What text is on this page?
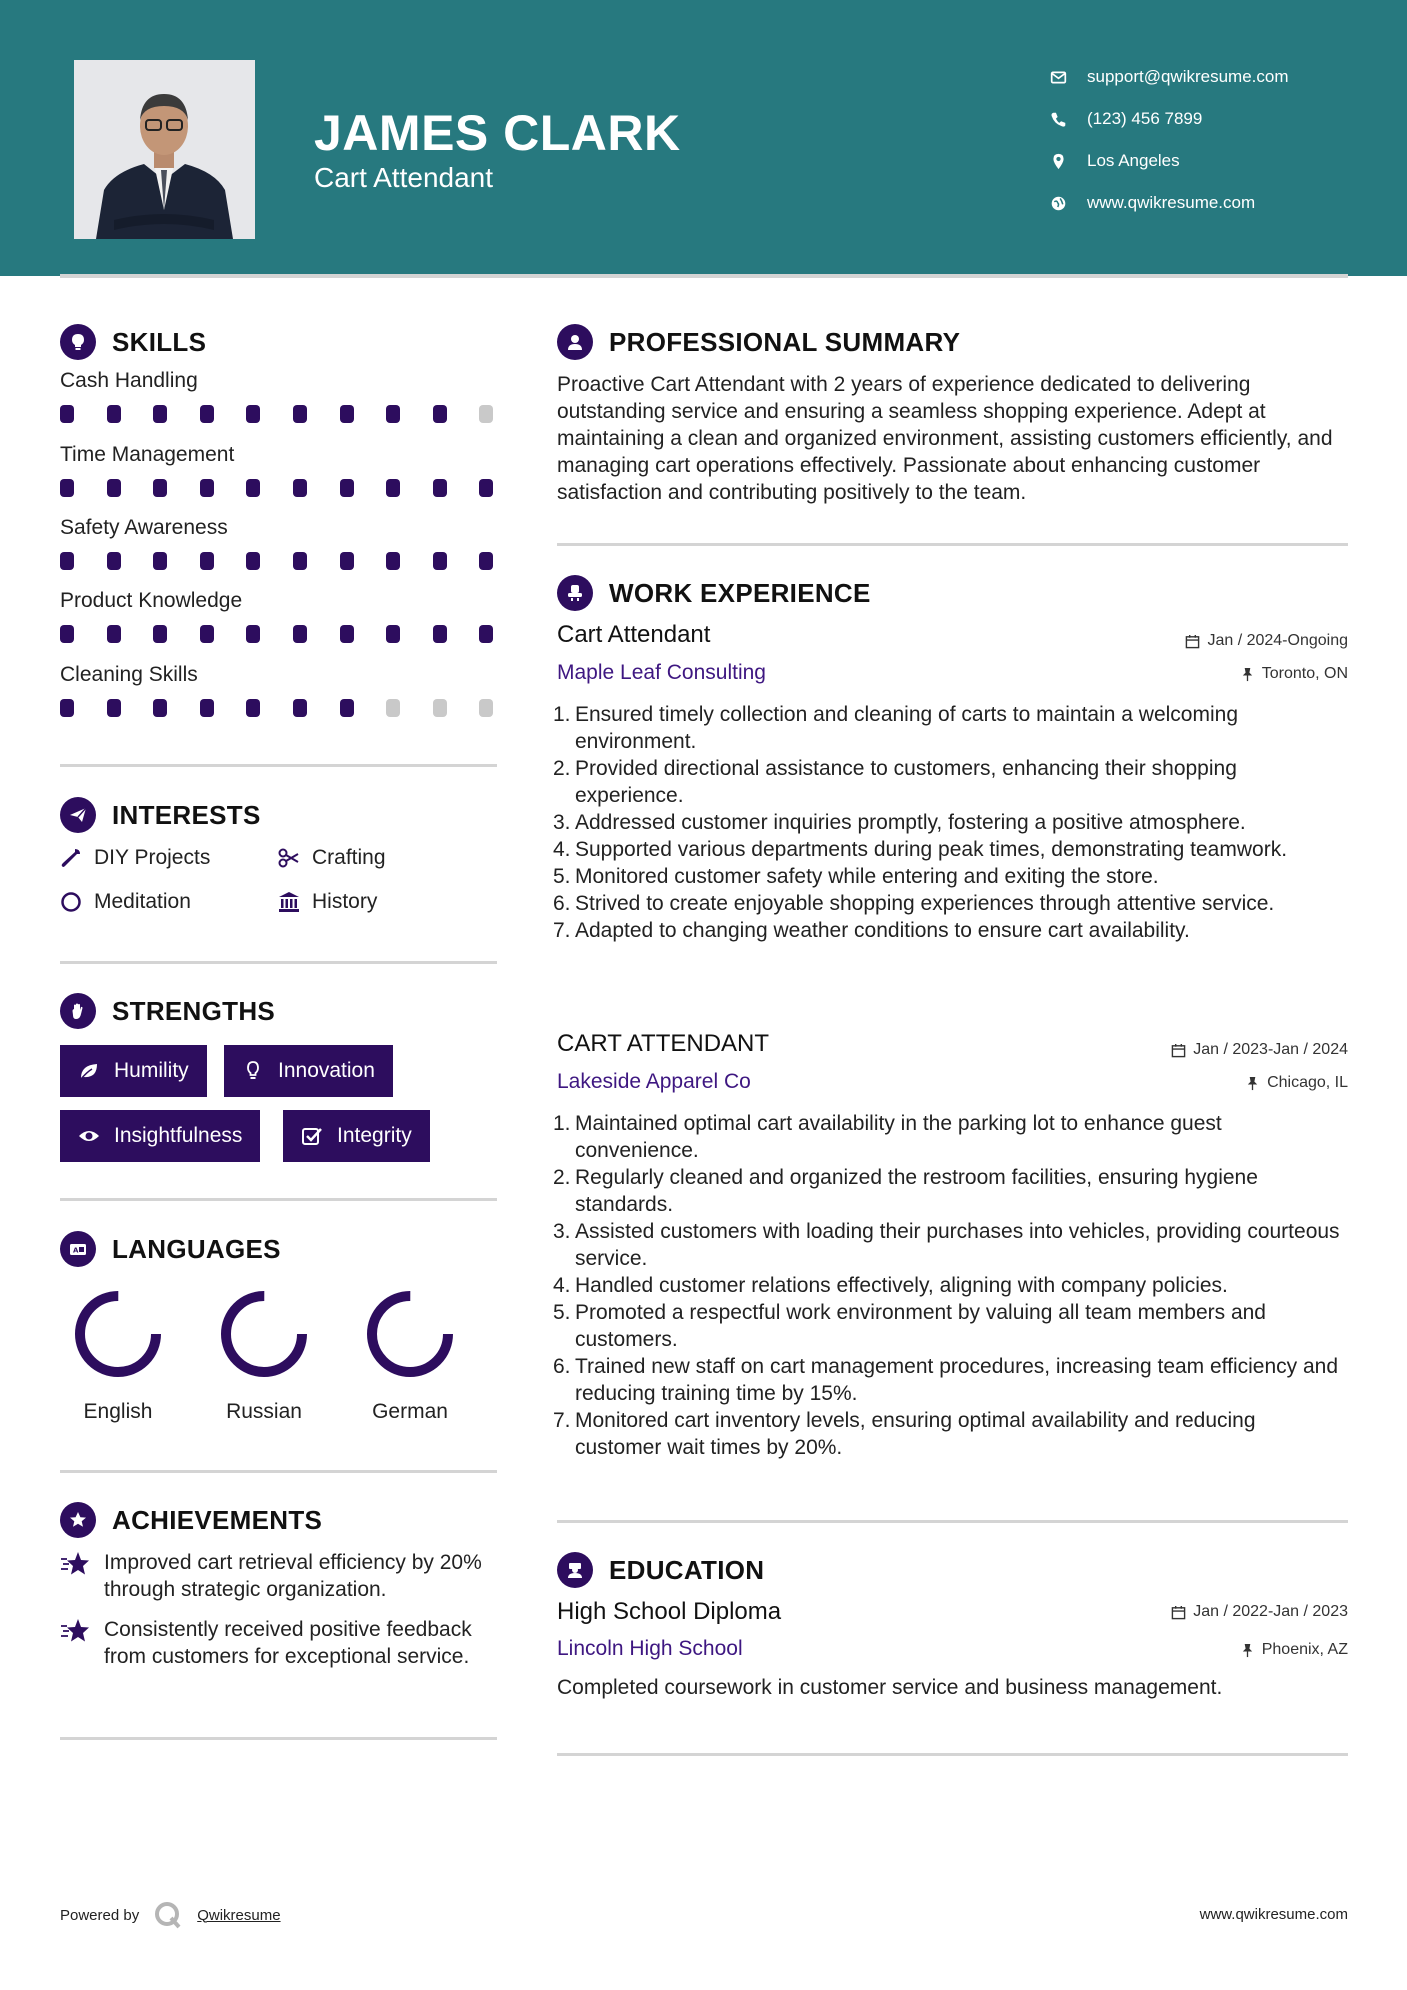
JAMES CLARK
Cart Attendant
support@qwikresume.com
(123) 456 7899
Los Angeles
www.qwikresume.com
SKILLS
Cash Handling
Time Management
Safety Awareness
Product Knowledge
Cleaning Skills
INTERESTS
DIY Projects	Crafting
Meditation	History
STRENGTHS
Humility	Innovation
Insightfulness	Integrity
A LANGUAGES
English	Russian	German
ACHIEVEMENTS
Improved cart retrieval efficiency by 20% through strategic organization.
Consistently received positive feedback from customers for exceptional service.
PROFESSIONAL SUMMARY
Proactive Cart Attendant with 2 years of experience dedicated to delivering outstanding service and ensuring a seamless shopping experience. Adept at maintaining a clean and organized environment, assisting customers efficiently, and managing cart operations effectively. Passionate about enhancing customer satisfaction and contributing positively to the team.
WORK EXPERIENCE
Cart Attendant	Jan / 2024-Ongoing
Maple Leaf Consulting	Toronto, ON
1. Ensured timely collection and cleaning of carts to maintain a welcoming environment.
2. Provided directional assistance to customers, enhancing their shopping experience.
3. Addressed customer inquiries promptly, fostering a positive atmosphere.
4. Supported various departments during peak times, demonstrating teamwork.
5. Monitored customer safety while entering and exiting the store.
6. Strived to create enjoyable shopping experiences through attentive service.
7. Adapted to changing weather conditions to ensure cart availability.
CART ATTENDANT	Jan / 2023-Jan / 2024
Lakeside Apparel Co	Chicago, IL
1. Maintained optimal cart availability in the parking lot to enhance guest convenience.
2. Regularly cleaned and organized the restroom facilities, ensuring hygiene standards.
3. Assisted customers with loading their purchases into vehicles, providing courteous service.
4. Handled customer relations effectively, aligning with company policies.
5. Promoted a respectful work environment by valuing all team members and customers.
6. Trained new staff on cart management procedures, increasing team efficiency and reducing training time by 15%.
7. Monitored cart inventory levels, ensuring optimal availability and reducing customer wait times by 20%.
EDUCATION
High School Diploma	Jan / 2022-Jan / 2023
Lincoln High School	Phoenix, AZ
Completed coursework in customer service and business management.
Powered by	Qwikresume	www.qwikresume.com
